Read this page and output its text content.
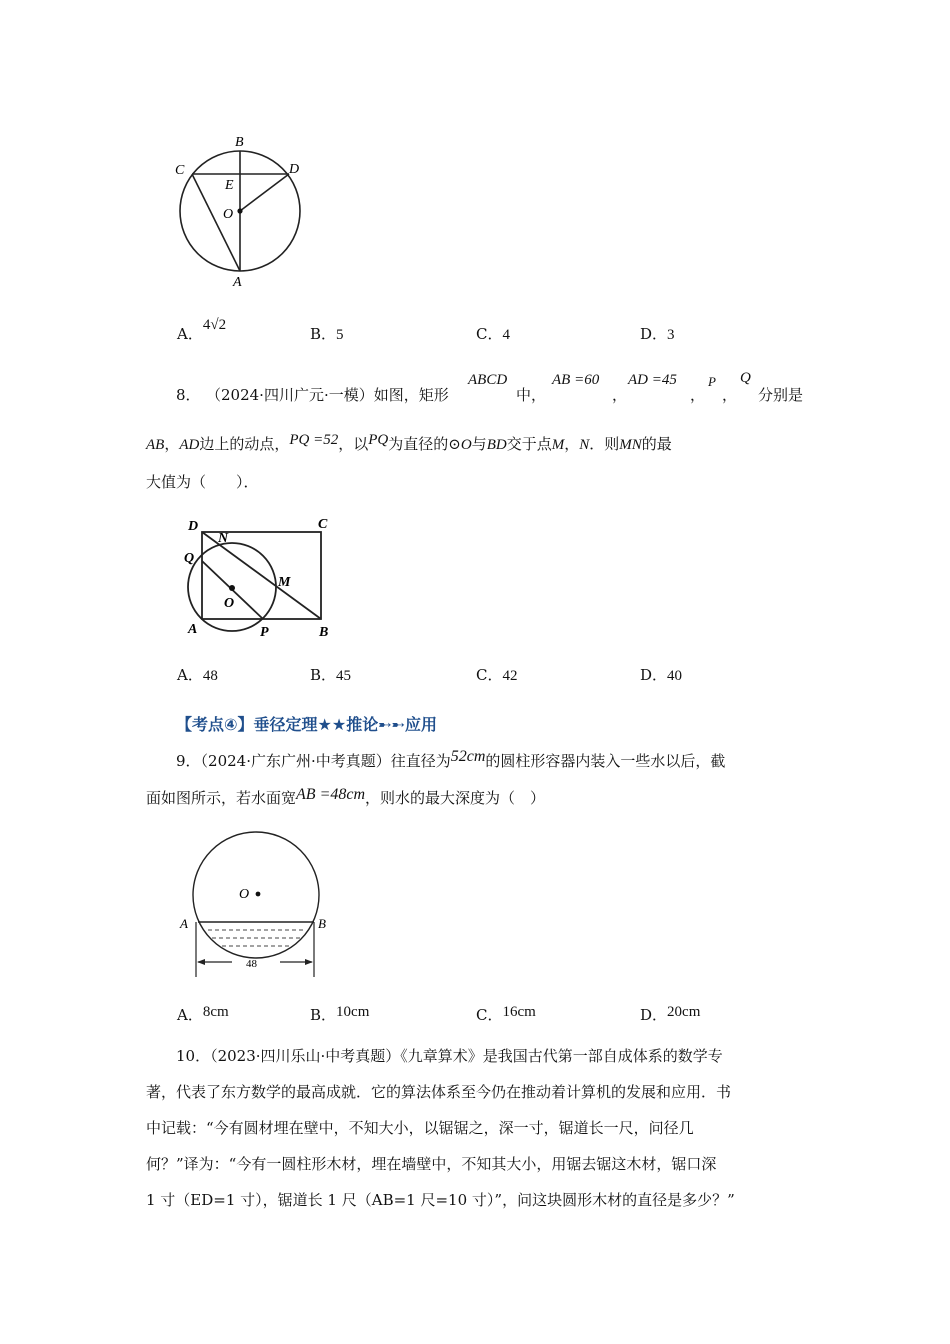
B
C	D
E
O
A
A．4√2	B．5	C．4	D．3
8． （2024·四川广元·一模）如图，矩形
ABCD
中，
AB =60
，
AD =45
，
P
，
Q
分别是
AB，AD边上的动点，PQ =52，以PQ为直径的⊙O与BD交于点M，N．则MN的最
大值为（　　）．
D	C
N
Q
M
O
A	P	B
A．48	B．45	C．42	D．40
【考点④】垂径定理★★推论➸➸应用
9．（2024·广东广州·中考真题）往直径为52cm的圆柱形容器内装入一些水以后，截
面如图所示，若水面宽AB =48cm，则水的最大深度为（　）
O
A	B
48
A．8cm	B．10cm	C．16cm	D．20cm
10．（2023·四川乐山·中考真题）《九章算术》是我国古代第一部自成体系的数学专
著，代表了东方数学的最高成就．它的算法体系至今仍在推动着计算机的发展和应用．书
中记载：“今有圆材埋在壁中，不知大小，以锯锯之，深一寸，锯道长一尺，问径几
何？”译为：“今有一圆柱形木材，埋在墙壁中，不知其大小，用锯去锯这木材，锯口深
1 寸（ED=1 寸），锯道长 1 尺（AB=1 尺=10 寸）”，问这块圆形木材的直径是多少？”
